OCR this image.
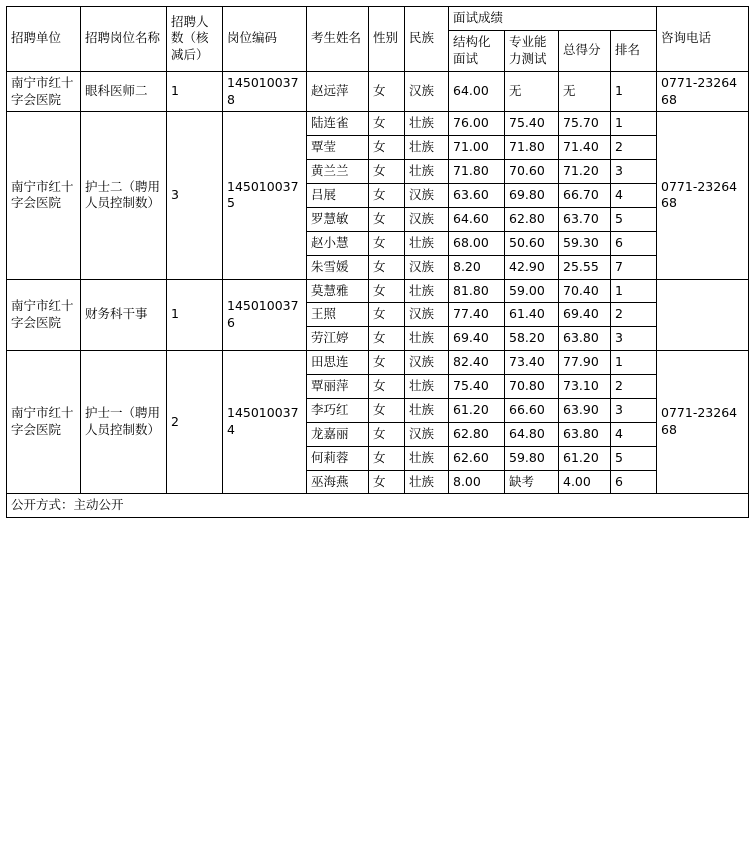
招聘单位	招聘岗位名称	招聘人数（核减后）	岗位编码	考生姓名	性别	民族	面试成绩				咨询电话
							结构化面试	专业能力测试	总得分	排名	
南宁市红十字会医院	眼科医师二	1	1450100378	赵远萍	女	汉族	64.00	无	无	1	0771-2326468
南宁市红十字会医院	护士二（聘用人员控制数）	3	1450100375	陆连雀	女	壮族	76.00	75.40	75.70	1	0771-2326468
				覃莹	女	壮族	71.00	71.80	71.40	2	
				黄兰兰	女	壮族	71.80	70.60	71.20	3	
				吕展	女	汉族	63.60	69.80	66.70	4	
				罗慧敏	女	汉族	64.60	62.80	63.70	5	
				赵小慧	女	壮族	68.00	50.60	59.30	6	
				朱雪媛	女	汉族	8.20	42.90	25.55	7	
南宁市红十字会医院	财务科干事	1	1450100376	莫慧雅	女	壮族	81.80	59.00	70.40	1	
				王照	女	汉族	77.40	61.40	69.40	2	
				劳江婷	女	壮族	69.40	58.20	63.80	3	
南宁市红十字会医院	护士一（聘用人员控制数）	2	1450100374	田思连	女	汉族	82.40	73.40	77.90	1	0771-2326468
				覃丽萍	女	壮族	75.40	70.80	73.10	2	
				李巧红	女	壮族	61.20	66.60	63.90	3	
				龙嘉丽	女	汉族	62.80	64.80	63.80	4	
				何莉蓉	女	壮族	62.60	59.80	61.20	5	
				巫海燕	女	壮族	8.00	缺考	4.00	6	
公开方式：主动公开											
